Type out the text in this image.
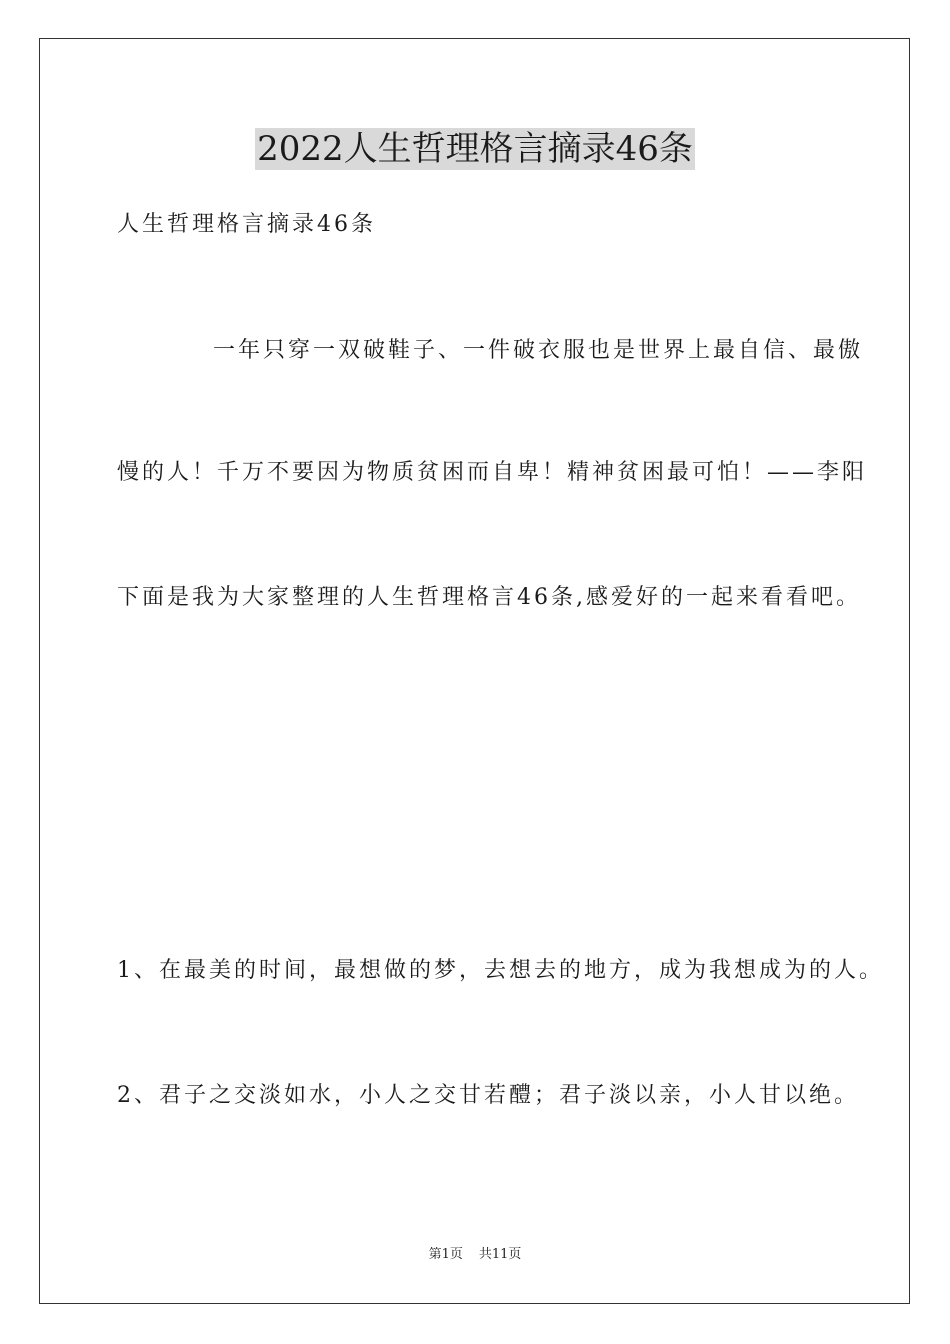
2022人生哲理格言摘录46条
人生哲理格言摘录46条
一年只穿一双破鞋子、一件破衣服也是世界上最自信、最傲
慢的人！千万不要因为物质贫困而自卑！精神贫困最可怕！——李阳
下面是我为大家整理的人生哲理格言46条,感爱好的一起来看看吧。
1、在最美的时间，最想做的梦，去想去的地方，成为我想成为的人。
2、君子之交淡如水，小人之交甘若醴；君子淡以亲，小人甘以绝。
第1页 共11页
